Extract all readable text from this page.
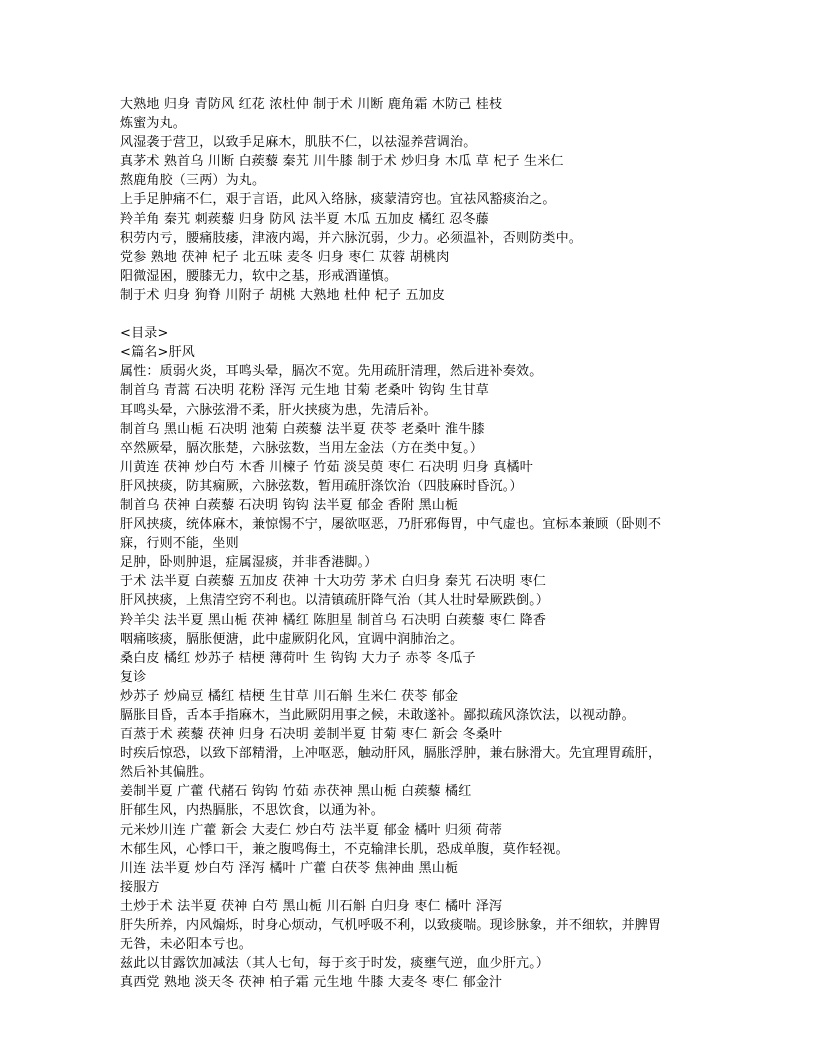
大熟地 归身 青防风 红花 浓杜仲 制于术 川断 鹿角霜 木防己 桂枝
炼蜜为丸。
风湿袭于营卫，以致手足麻木，肌肤不仁，以祛湿养营调治。
真茅术 熟首乌 川断 白蒺藜 秦艽 川牛膝 制于术 炒归身 木瓜 草 杞子 生米仁
熬鹿角胶（三两）为丸。
上手足肿痛不仁，艰于言语，此风入络脉，痰蒙清窍也。宜祛风豁痰治之。
羚羊角 秦艽 刺蒺藜 归身 防风 法半夏 木瓜 五加皮 橘红 忍冬藤
积劳内亏，腰痛肢痿，津液内竭，并六脉沉弱，少力。必须温补，否则防类中。
党参 熟地 茯神 杞子 北五味 麦冬 归身 枣仁 苁蓉 胡桃肉
阳微湿困，腰膝无力，软中之基，形戒酒谨慎。
制于术 归身 狗脊 川附子 胡桃 大熟地 杜仲 杞子 五加皮
<目录>
<篇名>肝风
属性：质弱火炎，耳鸣头晕，膈次不宽。先用疏肝清理，然后进补奏效。
制首乌 青蒿 石决明 花粉 泽泻 元生地 甘菊 老桑叶 钩钩 生甘草
耳鸣头晕，六脉弦滑不柔，肝火挟痰为患，先清后补。
制首乌 黑山栀 石决明 池菊 白蒺藜 法半夏 茯苓 老桑叶 淮牛膝
卒然厥晕，膈次胀楚，六脉弦数，当用左金法（方在类中复。）
川黄连 茯神 炒白芍 木香 川楝子 竹茹 淡吴萸 枣仁 石决明 归身 真橘叶
肝风挟痰，防其痫厥，六脉弦数，暂用疏肝涤饮治（四肢麻时昏沉。）
制首乌 茯神 白蒺藜 石决明 钩钩 法半夏 郁金 香附 黑山栀
肝风挟痰，统体麻木，兼惊惕不宁，屡欲呕恶，乃肝邪侮胃，中气虚也。宜标本兼顾（卧则不
寐，行则不能，坐则
足肿，卧则肿退，症属湿痰，并非香港脚。）
于术 法半夏 白蒺藜 五加皮 茯神 十大功劳 茅术 白归身 秦艽 石决明 枣仁
肝风挟痰，上焦清空窍不利也。以清镇疏肝降气治（其人壮时晕厥跌倒。）
羚羊尖 法半夏 黑山栀 茯神 橘红 陈胆星 制首乌 石决明 白蒺藜 枣仁 降香
咽痛咳痰，膈胀便溏，此中虚厥阴化风，宜调中润肺治之。
桑白皮 橘红 炒苏子 桔梗 薄荷叶 生 钩钩 大力子 赤苓 冬瓜子
复诊
炒苏子 炒扁豆 橘红 桔梗 生甘草 川石斛 生米仁 茯苓 郁金
膈胀目昏，舌本手指麻木，当此厥阴用事之候，未敢遂补。鄙拟疏风涤饮法，以视动静。
百蒸于术 蒺藜 茯神 归身 石决明 姜制半夏 甘菊 枣仁 新会 冬桑叶
时疾后惊恐，以致下部精滑，上冲呕恶，触动肝风，膈胀浮肿，兼右脉滑大。先宜理胃疏肝，
然后补其偏胜。
姜制半夏 广藿 代赭石 钩钩 竹茹 赤茯神 黑山栀 白蒺藜 橘红
肝郁生风，内热膈胀，不思饮食，以通为补。
元米炒川连 广藿 新会 大麦仁 炒白芍 法半夏 郁金 橘叶 归须 荷蒂
木郁生风，心悸口干，兼之腹鸣侮土，不克输津长肌，恐成单腹，莫作轻视。
川连 法半夏 炒白芍 泽泻 橘叶 广藿 白茯苓 焦神曲 黑山栀
接服方
土炒于术 法半夏 茯神 白芍 黑山栀 川石斛 白归身 枣仁 橘叶 泽泻
肝失所养，内风煽烁，时身心烦动，气机呼吸不利，以致痰喘。现诊脉象，并不细软，并脾胃
无咎，未必阳本亏也。
兹此以甘露饮加减法（其人七旬，每于亥于时发，痰壅气逆，血少肝亢。）
真西党 熟地 淡天冬 茯神 柏子霜 元生地 牛膝 大麦冬 枣仁 郁金汁
